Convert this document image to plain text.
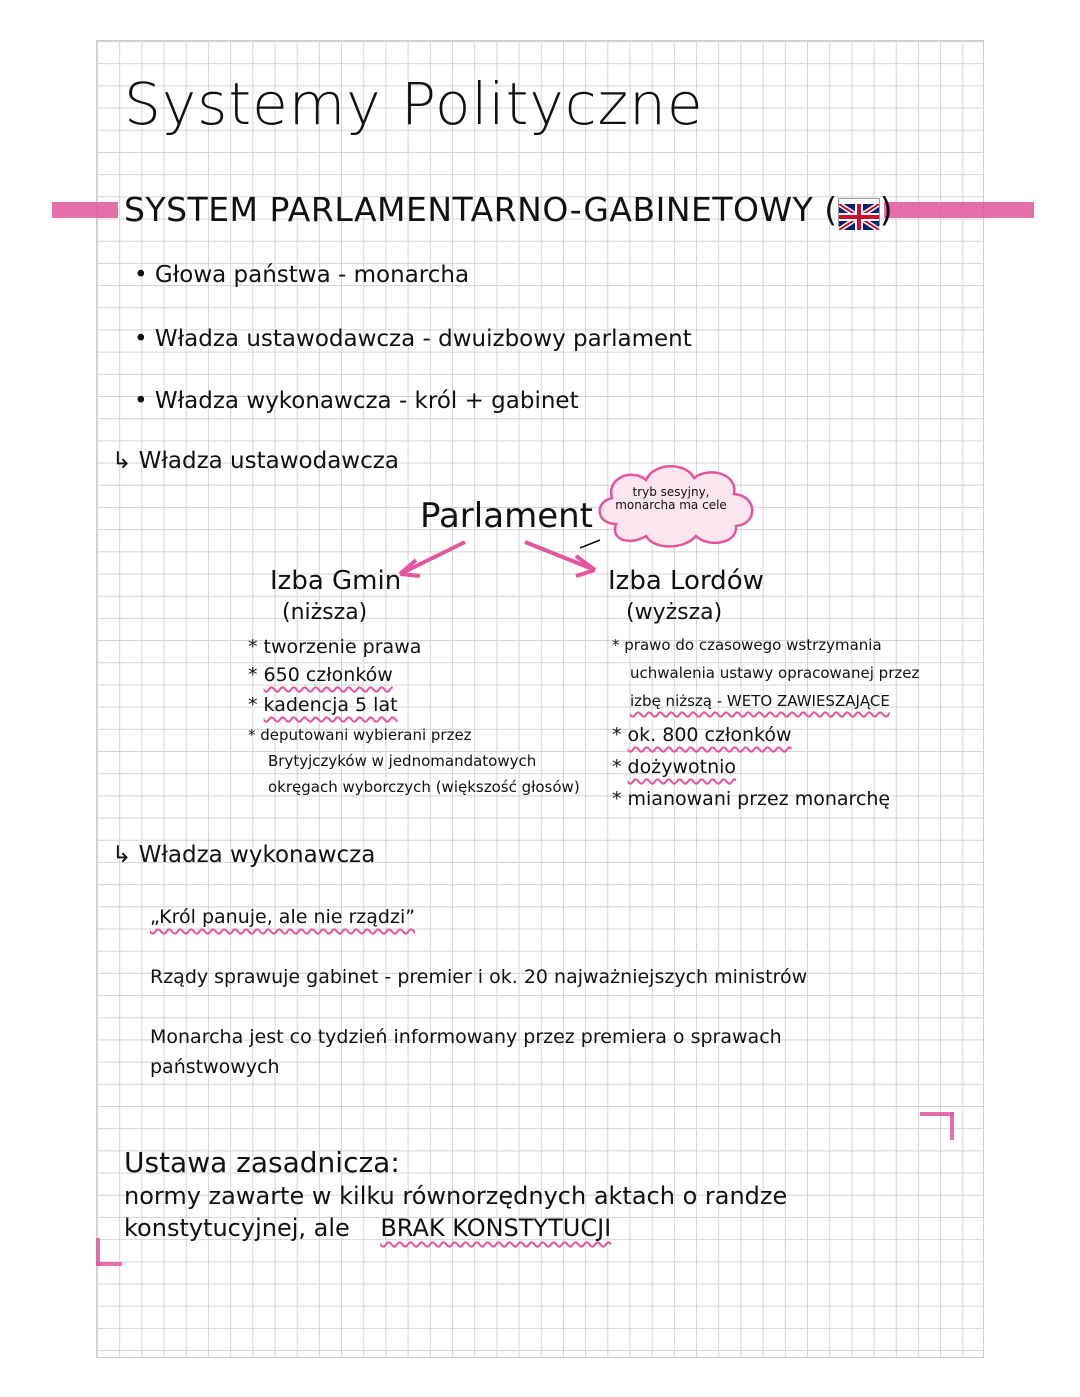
Systemy Polityczne
SYSTEM PARLAMENTARNO-GABINETOWY ( )
• Głowa państwa - monarcha
• Władza ustawodawcza - dwuizbowy parlament
• Władza wykonawcza - król + gabinet
↳ Władza ustawodawcza
Parlament
tryb sesyjny, monarcha ma cele
Izba Gmin
(niższa)
* tworzenie prawa
* 650 członków
* kadencja 5 lat
* deputowani wybierani przez
Brytyjczyków w jednomandatowych
okręgach wyborczych (większość głosów)
Izba Lordów
(wyższa)
* prawo do czasowego wstrzymania
uchwalenia ustawy opracowanej przez
izbę niższą - WETO ZAWIESZAJĄCE
* ok. 800 członków
* dożywotnio
* mianowani przez monarchę
↳ Władza wykonawcza
„Król panuje, ale nie rządzi”
Rządy sprawuje gabinet - premier i ok. 20 najważniejszych ministrów
Monarcha jest co tydzień informowany przez premiera o sprawach
państwowych
Ustawa zasadnicza:
normy zawarte w kilku równorzędnych aktach o randze
konstytucyjnej, ale BRAK KONSTYTUCJI
